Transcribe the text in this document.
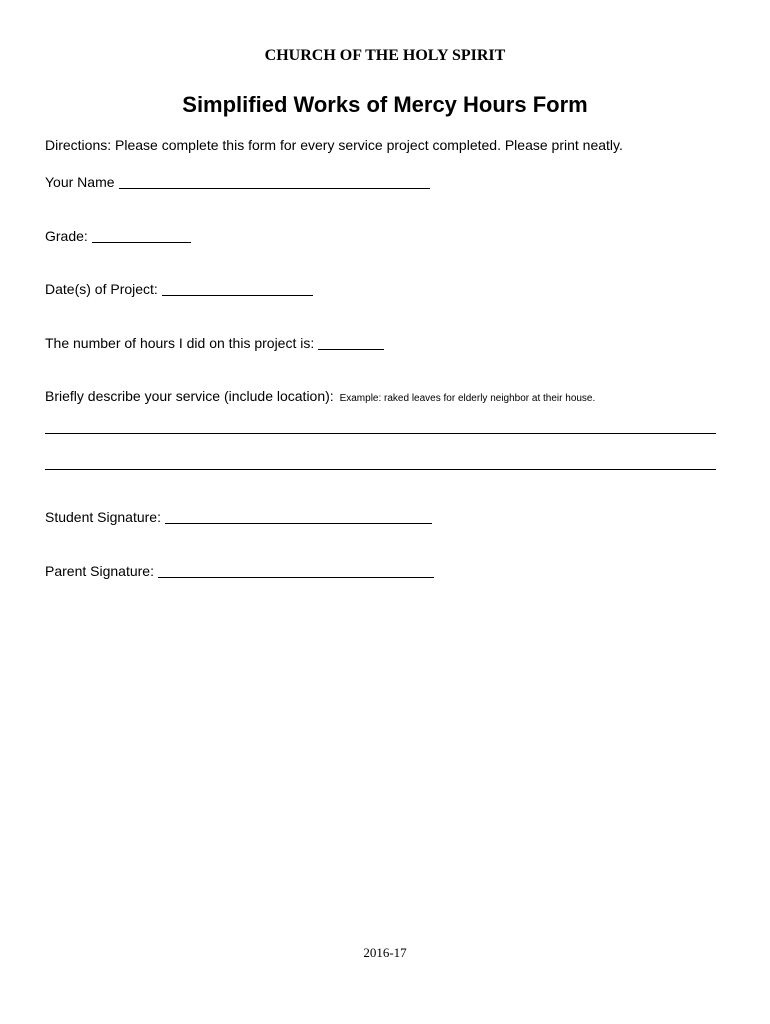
CHURCH OF THE HOLY SPIRIT
Simplified Works of Mercy Hours Form
Directions: Please complete this form for every service project completed. Please print neatly.
Your Name
Grade:
Date(s) of Project:
The number of hours I did on this project is:
Briefly describe your service (include location): Example: raked leaves for elderly neighbor at their house.
Student Signature:
Parent Signature:
2016-17
